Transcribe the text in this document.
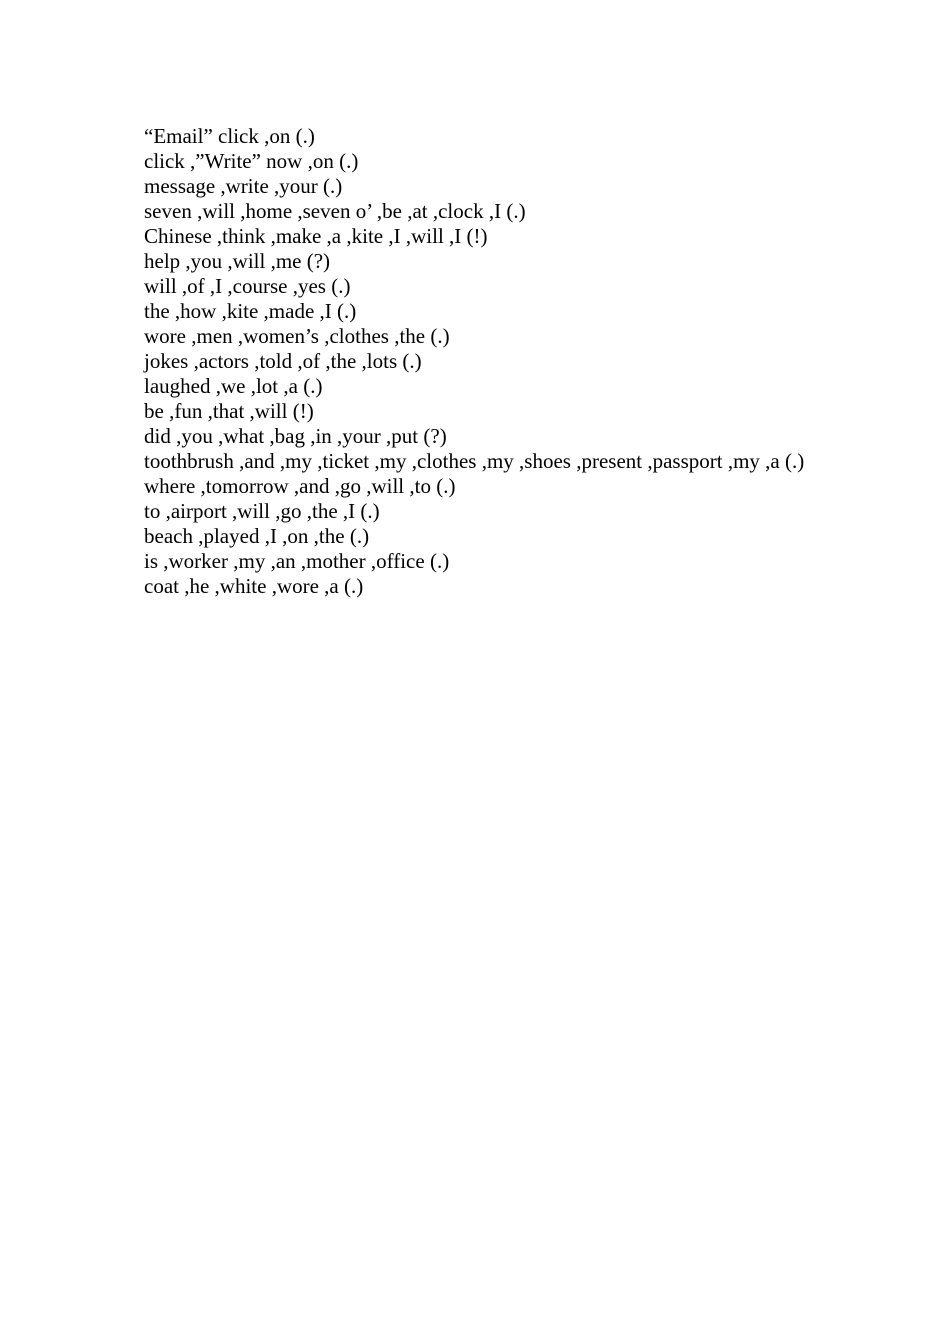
“Email” click ,on (.)

click ,”Write” now ,on (.)

message ,write ,your (.)

seven ,will ,home ,seven o’ ,be ,at ,clock ,I (.)

Chinese ,think ,make ,a ,kite ,I ,will ,I (!)

help ,you ,will ,me (?)

will ,of ,I ,course ,yes (.)

the ,how ,kite ,made ,I (.)

wore ,men ,women’s ,clothes ,the (.)

jokes ,actors ,told ,of ,the ,lots (.)

laughed ,we ,lot ,a (.)

be ,fun ,that ,will (!)

did ,you ,what ,bag ,in ,your ,put (?)

toothbrush ,and ,my ,ticket ,my ,clothes ,my ,shoes ,present ,passport ,my ,a (.)

where ,tomorrow ,and ,go ,will ,to (.)

to ,airport ,will ,go ,the ,I (.)

beach ,played ,I ,on ,the (.)

is ,worker ,my ,an ,mother ,office (.)

coat ,he ,white ,wore ,a (.)
